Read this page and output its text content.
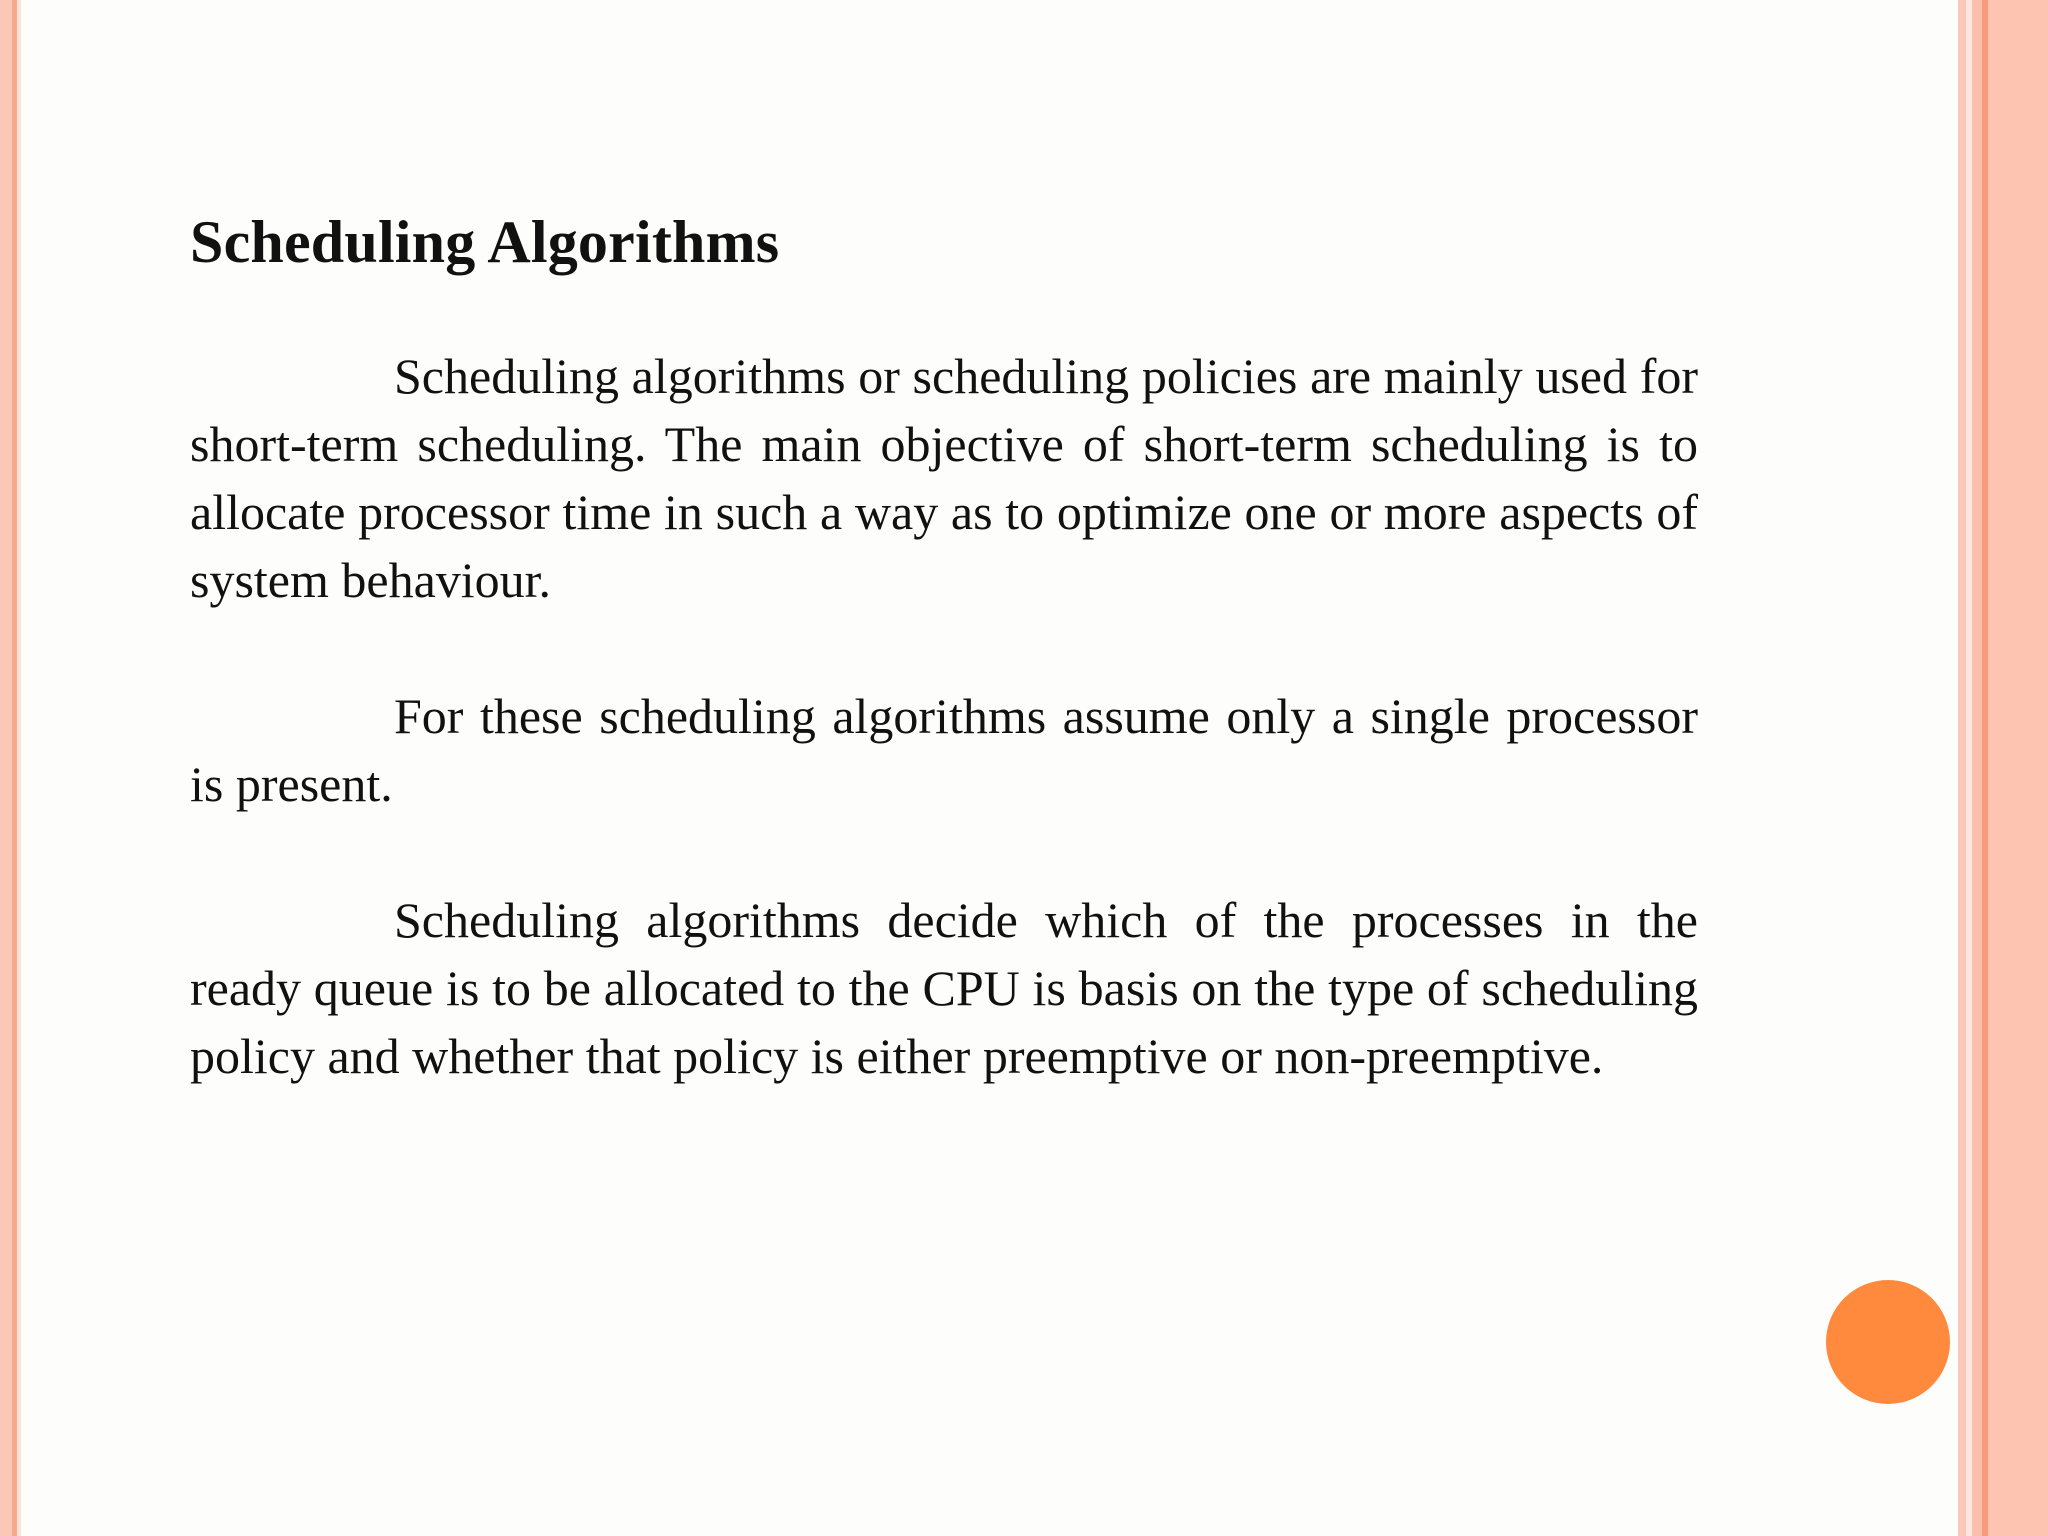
Scheduling Algorithms

Scheduling algorithms or scheduling policies are mainly used for short-term scheduling. The main objective of short-term scheduling is to allocate processor time in such a way as to optimize one or more aspects of system behaviour.

For these scheduling algorithms assume only a single processor is present.

Scheduling algorithms decide which of the processes in the ready queue is to be allocated to the CPU is basis on the type of scheduling policy and whether that policy is either preemptive or non-preemptive.
